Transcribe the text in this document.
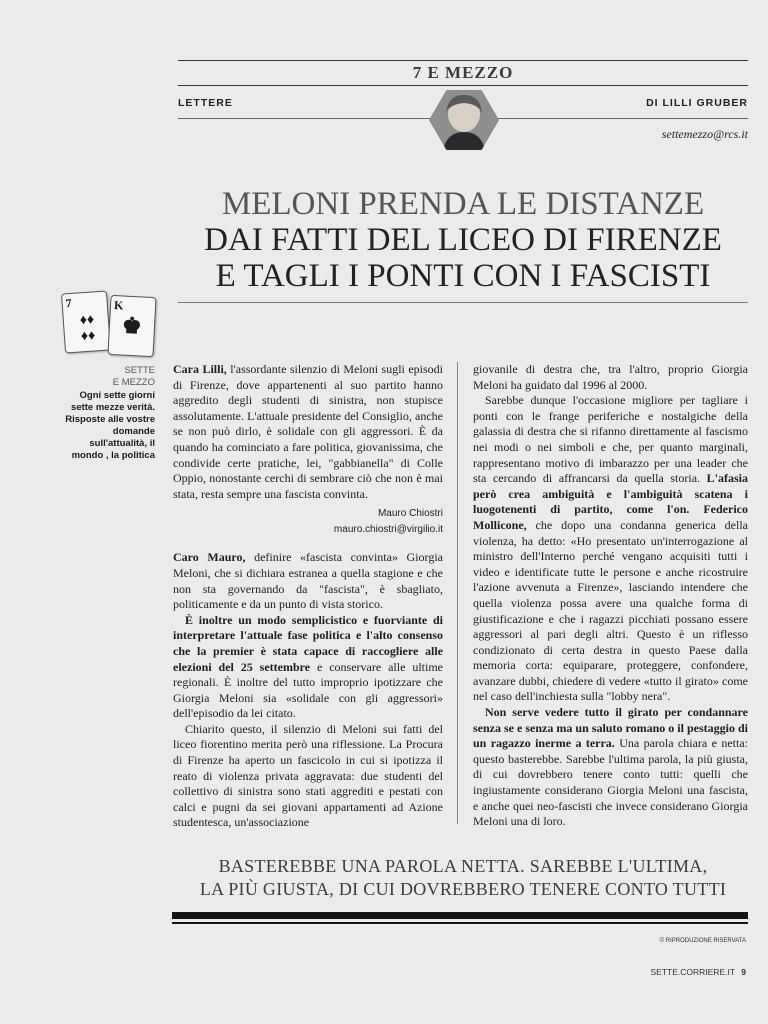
7 E MEZZO
LETTERE	DI LILLI GRUBER
settemezzo@rcs.it
MELONI PRENDA LE DISTANZE
DAI FATTI DEL LICEO DI FIRENZE
E TAGLI I PONTI CON I FASCISTI
7
♦♦
♦♦
K
♚
SETTE
E MEZZO
Ogni sette giorni sette mezze verità. Risposte alle vostre domande sull'attualità, il mondo , la politica

Cara Lilli, l'assordante silenzio di Meloni sugli episodi di Firenze, dove appartenenti al suo partito hanno aggredito degli studenti di sinistra, non stupisce assolutamente. L'attuale presidente del Consiglio, anche se non può dirlo, è solidale con gli aggressori. È da quando ha cominciato a fare politica, giovanissima, che condivide certe pratiche, lei, "gabbianella" di Colle Oppio, nonostante cerchi di sembrare ciò che non è mai stata, resta sempre una fascista convinta.

Mauro Chiostri
mauro.chiostri@virgilio.it

Caro Mauro, definire «fascista convinta» Giorgia Meloni, che si dichiara estranea a quella stagione e che non sta governando da "fascista", è sbagliato, politicamente e da un punto di vista storico.

È inoltre un modo semplicistico e fuorviante di interpretare l'attuale fase politica e l'alto consenso che la premier è stata capace di raccogliere alle elezioni del 25 settembre e conservare alle ultime regionali. È inoltre del tutto improprio ipotizzare che Giorgia Meloni sia «solidale con gli aggressori» dell'episodio da lei citato.

Chiarito questo, il silenzio di Meloni sui fatti del liceo fiorentino merita però una riflessione. La Procura di Firenze ha aperto un fascicolo in cui si ipotizza il reato di violenza privata aggravata: due studenti del collettivo di sinistra sono stati aggrediti e pestati con calci e pugni da sei giovani appartamenti ad Azione studentesca, un'associazione

giovanile di destra che, tra l'altro, proprio Giorgia Meloni ha guidato dal 1996 al 2000.

Sarebbe dunque l'occasione migliore per tagliare i ponti con le frange periferiche e nostalgiche della galassia di destra che si rifanno direttamente al fascismo nei modi o nei simboli e che, per quanto marginali, rappresentano motivo di imbarazzo per una leader che sta cercando di affrancarsi da quella storia. L'afasia però crea ambiguità e l'ambiguità scatena i luogotenenti di partito, come l'on. Federico Mollicone, che dopo una condanna generica della violenza, ha detto: «Ho presentato un'interrogazione al ministro dell'Interno perché vengano acquisiti tutti i video e identificate tutte le persone e anche ricostruire l'azione avvenuta a Firenze», lasciando intendere che quella violenza possa avere una qualche forma di giustificazione e che i ragazzi picchiati possano essere aggressori al pari degli altri. Questo è un riflesso condizionato di certa destra in questo Paese dalla memoria corta: equiparare, proteggere, confondere, avanzare dubbi, chiedere di vedere «tutto il girato» come nel caso dell'inchiesta sulla "lobby nera".

Non serve vedere tutto il girato per condannare senza se e senza ma un saluto romano o il pestaggio di un ragazzo inerme a terra. Una parola chiara e netta: questo basterebbe. Sarebbe l'ultima parola, la più giusta, di cui dovrebbero tenere conto tutti: quelli che ingiustamente considerano Giorgia Meloni una fascista, e anche quei neo-fascisti che invece considerano Giorgia Meloni una di loro.

BASTEREBBE UNA PAROLA NETTA. SAREBBE L'ULTIMA,
LA PIÙ GIUSTA, DI CUI DOVREBBERO TENERE CONTO TUTTI
© RIPRODUZIONE RISERVATA
SETTE.CORRIERE.IT 9
